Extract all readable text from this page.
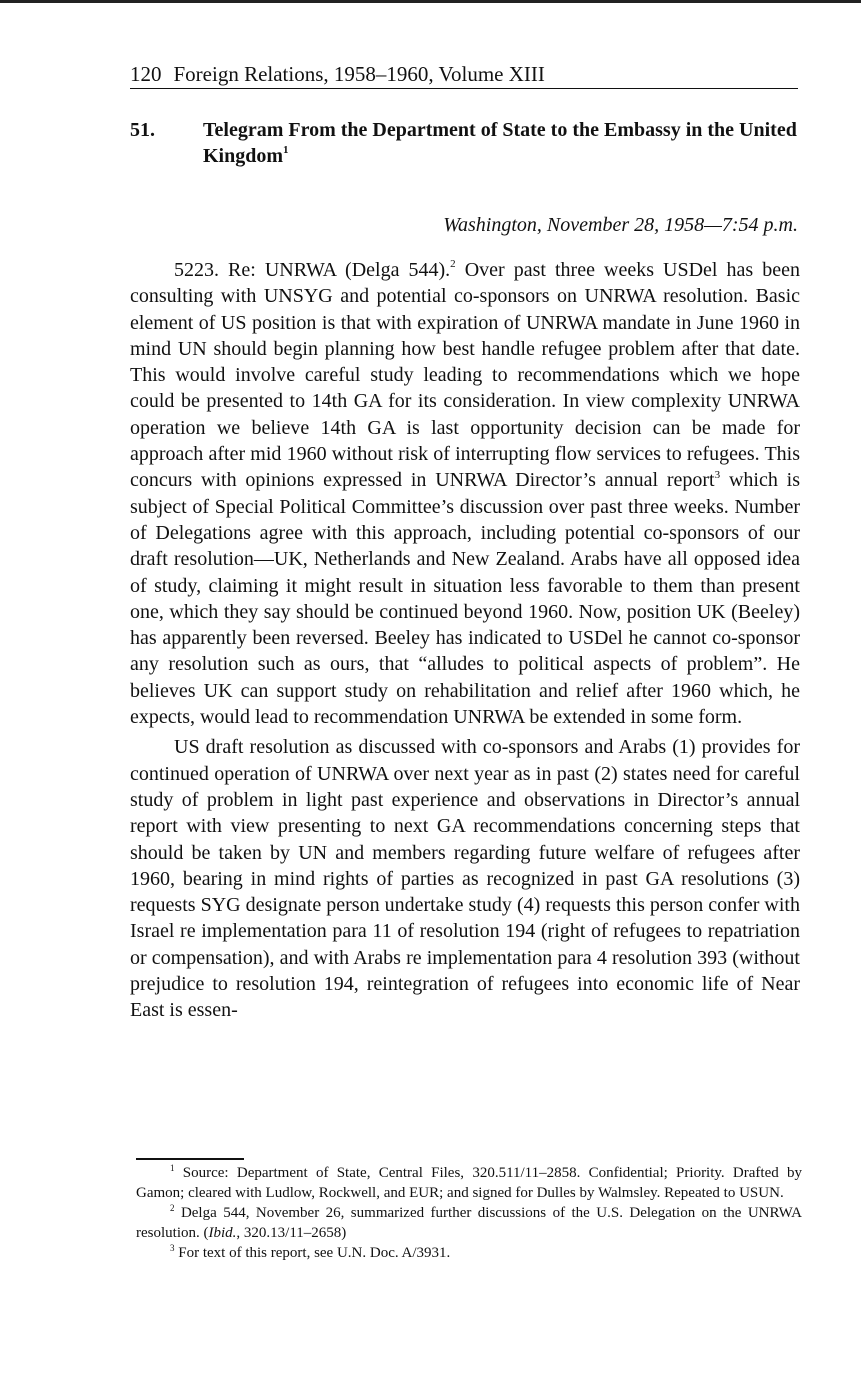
120 Foreign Relations, 1958–1960, Volume XIII
51. Telegram From the Department of State to the Embassy in the United Kingdom$^1$
Washington, November 28, 1958—7:54 p.m.

5223. Re: UNRWA (Delga 544).$^2$ Over past three weeks USDel has been consulting with UNSYG and potential co-sponsors on UNRWA resolution. Basic element of US position is that with expiration of UNRWA mandate in June 1960 in mind UN should begin planning how best handle refugee problem after that date. This would involve careful study leading to recommendations which we hope could be presented to 14th GA for its consideration. In view complexity UNRWA operation we believe 14th GA is last opportunity decision can be made for approach after mid 1960 without risk of interrupting flow services to refugees. This concurs with opinions expressed in UNRWA Director’s annual report$^3$ which is subject of Special Political Committee’s discussion over past three weeks. Number of Delegations agree with this approach, including potential co-sponsors of our draft resolution—UK, Netherlands and New Zealand. Arabs have all opposed idea of study, claiming it might result in situation less favorable to them than present one, which they say should be continued beyond 1960. Now, position UK (Beeley) has apparently been reversed. Beeley has indicated to USDel he cannot co-sponsor any resolution such as ours, that “alludes to political aspects of problem”. He believes UK can support study on rehabilitation and relief after 1960 which, he expects, would lead to recommendation UNRWA be extended in some form.

US draft resolution as discussed with co-sponsors and Arabs (1) provides for continued operation of UNRWA over next year as in past (2) states need for careful study of problem in light past experience and observations in Director’s annual report with view presenting to next GA recommendations concerning steps that should be taken by UN and members regarding future welfare of refugees after 1960, bearing in mind rights of parties as recognized in past GA resolutions (3) requests SYG designate person undertake study (4) requests this person confer with Israel re implementation para 11 of resolution 194 (right of refugees to repatriation or compensation), and with Arabs re implementation para 4 resolution 393 (without prejudice to resolution 194, reintegration of refugees into economic life of Near East is essen-

$^1$ Source: Department of State, Central Files, 320.511/11–2858. Confidential; Priority. Drafted by Gamon; cleared with Ludlow, Rockwell, and EUR; and signed for Dulles by Walmsley. Repeated to USUN.

$^2$ Delga 544, November 26, summarized further discussions of the U.S. Delegation on the UNRWA resolution. (Ibid., 320.13/11–2658)

$^3$ For text of this report, see U.N. Doc. A/3931.
